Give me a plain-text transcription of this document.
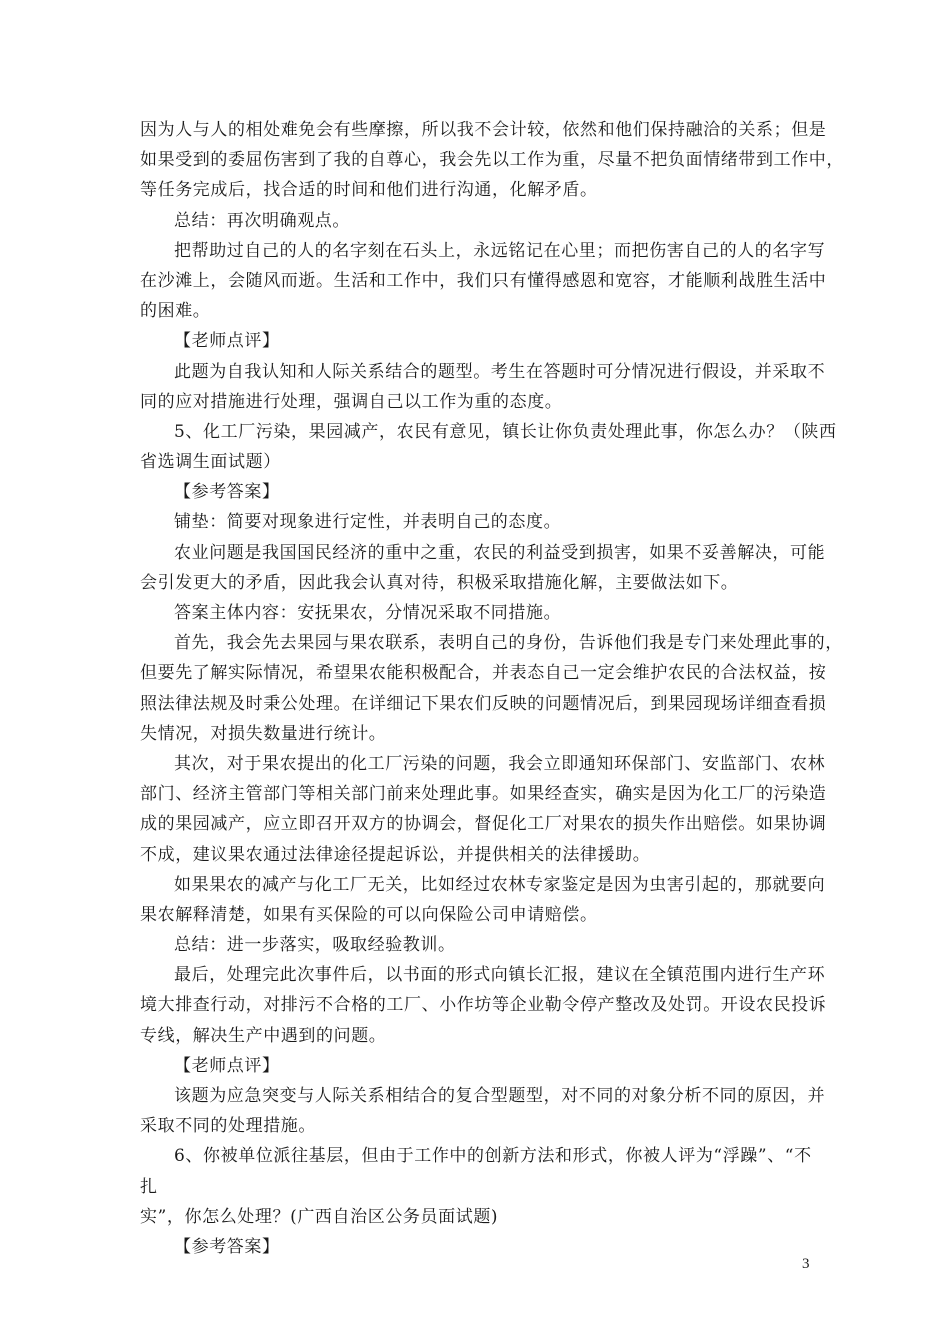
因为人与人的相处难免会有些摩擦，所以我不会计较，依然和他们保持融洽的关系；但是
如果受到的委屈伤害到了我的自尊心，我会先以工作为重，尽量不把负面情绪带到工作中，
等任务完成后，找合适的时间和他们进行沟通，化解矛盾。
总结：再次明确观点。
把帮助过自己的人的名字刻在石头上，永远铭记在心里；而把伤害自己的人的名字写
在沙滩上，会随风而逝。生活和工作中，我们只有懂得感恩和宽容，才能顺利战胜生活中
的困难。
【老师点评】
此题为自我认知和人际关系结合的题型。考生在答题时可分情况进行假设，并采取不
同的应对措施进行处理，强调自己以工作为重的态度。
5、化工厂污染，果园减产，农民有意见，镇长让你负责处理此事，你怎么办？（陕西
省选调生面试题）
【参考答案】
铺垫：简要对现象进行定性，并表明自己的态度。
农业问题是我国国民经济的重中之重，农民的利益受到损害，如果不妥善解决，可能
会引发更大的矛盾，因此我会认真对待，积极采取措施化解，主要做法如下。
答案主体内容：安抚果农，分情况采取不同措施。
首先，我会先去果园与果农联系，表明自己的身份，告诉他们我是专门来处理此事的，
但要先了解实际情况，希望果农能积极配合，并表态自己一定会维护农民的合法权益，按
照法律法规及时秉公处理。在详细记下果农们反映的问题情况后，到果园现场详细查看损
失情况，对损失数量进行统计。
其次，对于果农提出的化工厂污染的问题，我会立即通知环保部门、安监部门、农林
部门、经济主管部门等相关部门前来处理此事。如果经查实，确实是因为化工厂的污染造
成的果园减产，应立即召开双方的协调会，督促化工厂对果农的损失作出赔偿。如果协调
不成，建议果农通过法律途径提起诉讼，并提供相关的法律援助。
如果果农的减产与化工厂无关，比如经过农林专家鉴定是因为虫害引起的，那就要向
果农解释清楚，如果有买保险的可以向保险公司申请赔偿。
总结：进一步落实，吸取经验教训。
最后，处理完此次事件后，以书面的形式向镇长汇报，建议在全镇范围内进行生产环
境大排查行动，对排污不合格的工厂、小作坊等企业勒令停产整改及处罚。开设农民投诉
专线，解决生产中遇到的问题。
【老师点评】
该题为应急突变与人际关系相结合的复合型题型，对不同的对象分析不同的原因，并
采取不同的处理措施。
6、你被单位派往基层，但由于工作中的创新方法和形式，你被人评为“浮躁”、“不
扎
实”，你怎么处理？(广西自治区公务员面试题)
【参考答案】
3
